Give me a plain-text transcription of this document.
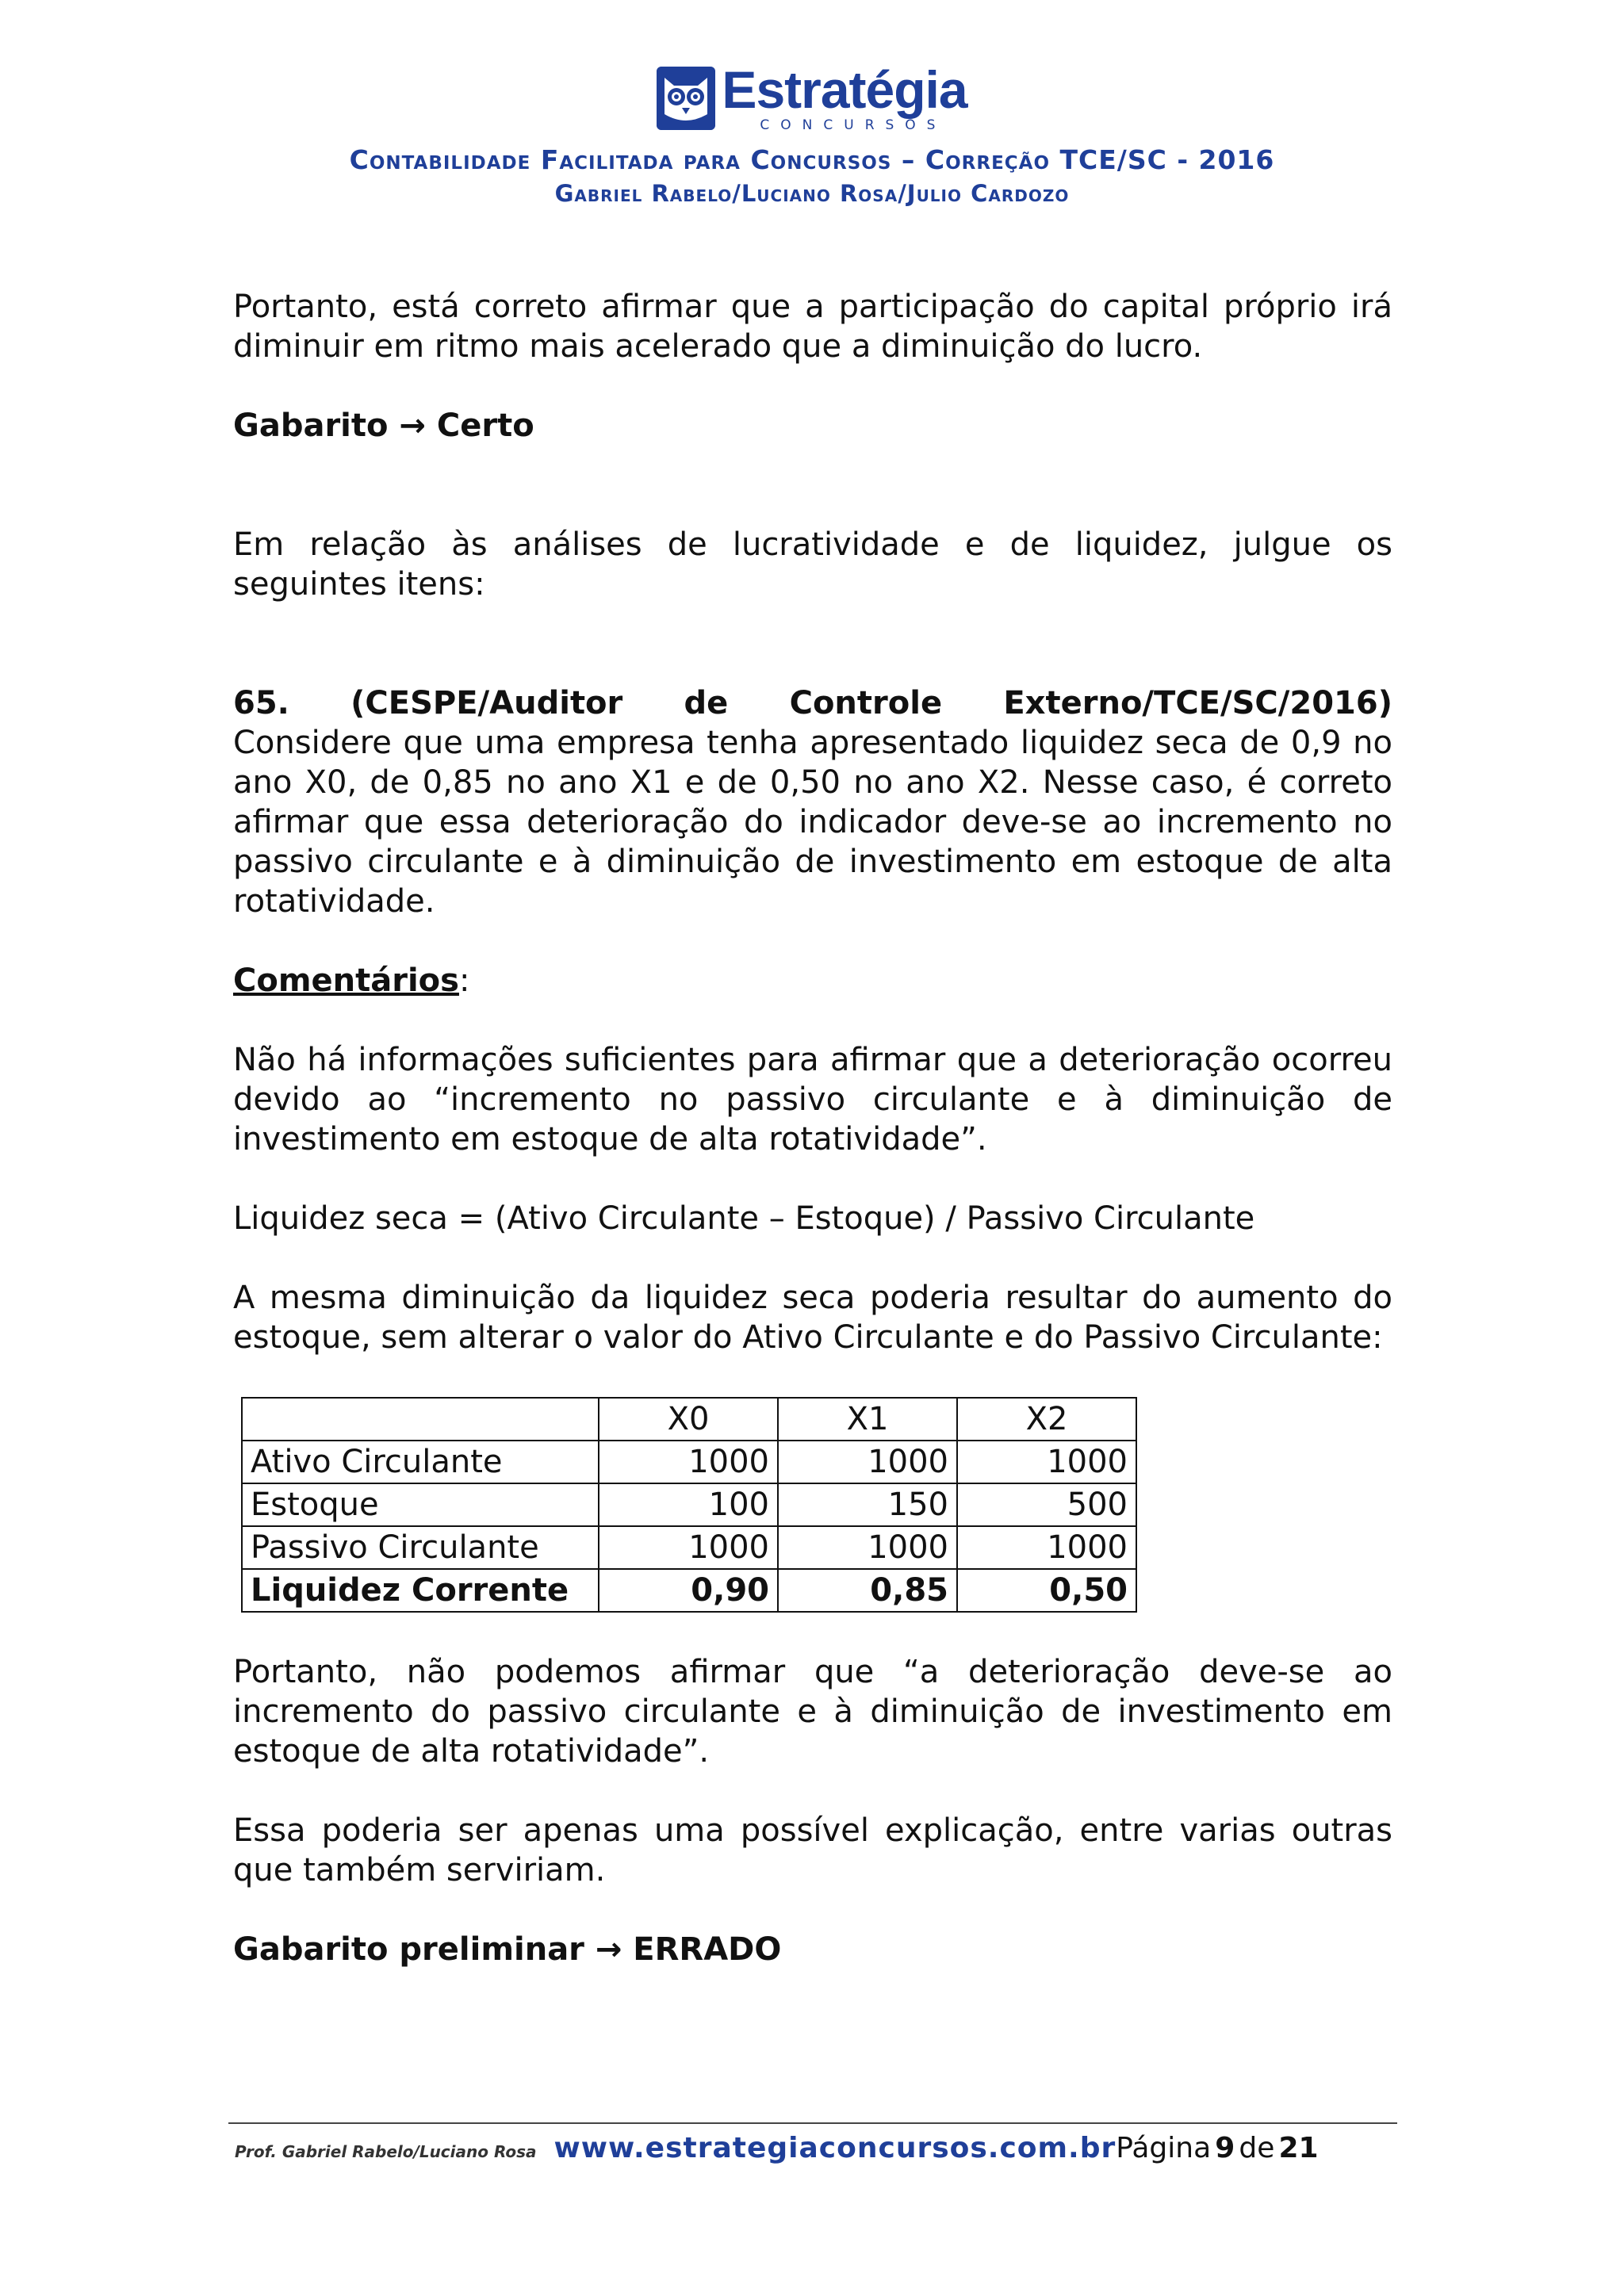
Estratégia
CONCURSOS
Contabilidade Facilitada para Concursos – Correção TCE/SC - 2016
Gabriel Rabelo/Luciano Rosa/Julio Cardozo

Portanto, está correto afirmar que a participação do capital próprio irá diminuir em ritmo mais acelerado que a diminuição do lucro.

Gabarito → Certo

Em relação às análises de lucratividade e de liquidez, julgue os seguintes itens:

65. (CESPE/Auditor de Controle Externo/TCE/SC/2016)

Considere que uma empresa tenha apresentado liquidez seca de 0,9 no ano X0, de 0,85 no ano X1 e de 0,50 no ano X2. Nesse caso, é correto afirmar que essa deterioração do indicador deve-se ao incremento no passivo circulante e à diminuição de investimento em estoque de alta rotatividade.

Comentários:

Não há informações suficientes para afirmar que a deterioração ocorreu devido ao “incremento no passivo circulante e à diminuição de investimento em estoque de alta rotatividade”.

Liquidez seca = (Ativo Circulante – Estoque) / Passivo Circulante

A mesma diminuição da liquidez seca poderia resultar do aumento do estoque, sem alterar o valor do Ativo Circulante e do Passivo Circulante:

	X0	X1	X2
Ativo Circulante	1000	1000	1000
Estoque	100	150	500
Passivo Circulante	1000	1000	1000
Liquidez Corrente	0,90	0,85	0,50

Portanto, não podemos afirmar que “a deterioração deve-se ao incremento do passivo circulante e à diminuição de investimento em estoque de alta rotatividade”.

Essa poderia ser apenas uma possível explicação, entre varias outras que também serviriam.

Gabarito preliminar → ERRADO

Prof. Gabriel Rabelo/Luciano Rosa www.estrategiaconcursos.com.brPágina 9 de 21
